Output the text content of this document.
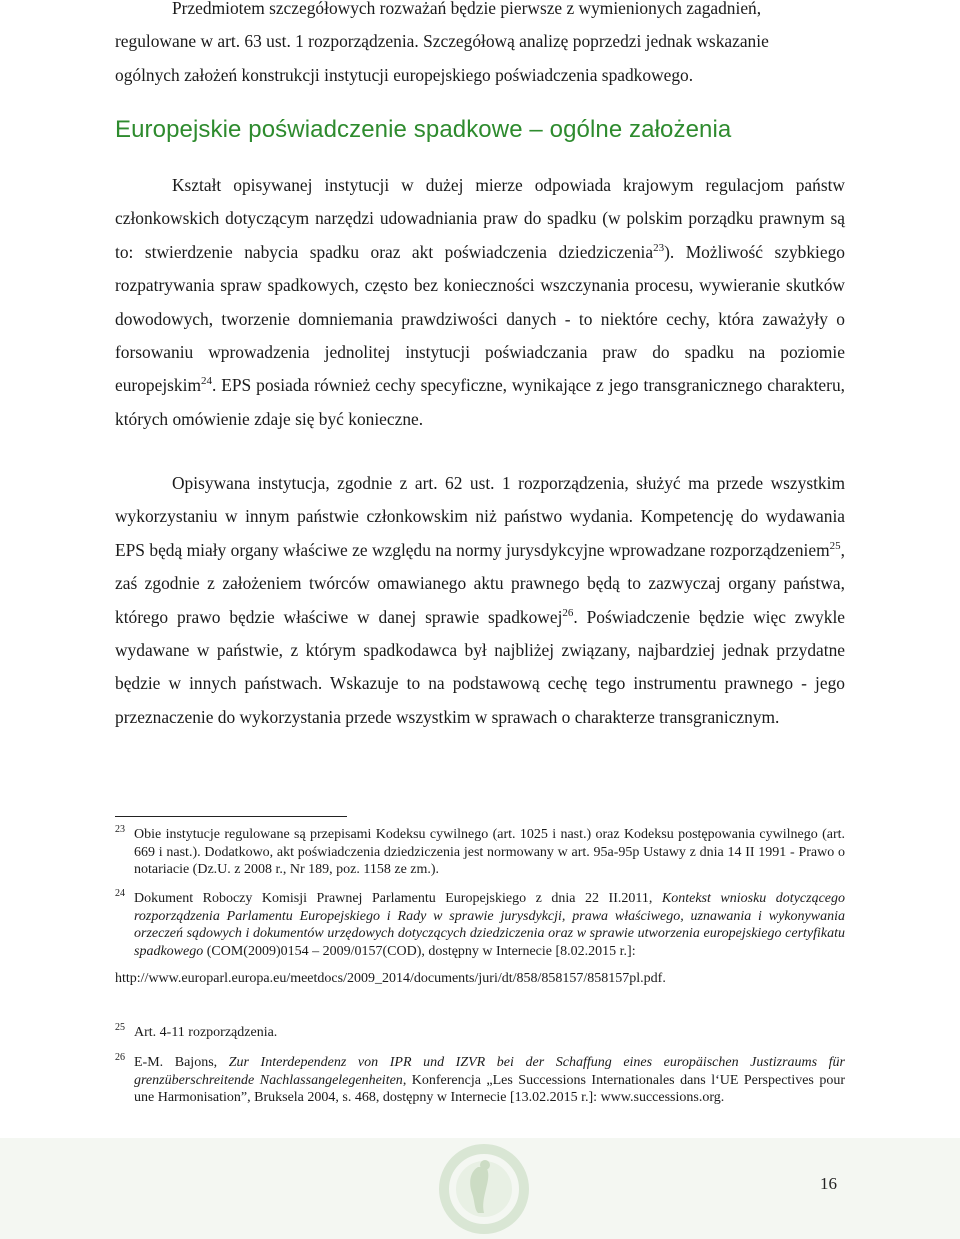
Przedmiotem szczegółowych rozważań będzie pierwsze z wymienionych zagadnień,
regulowane w art. 63 ust. 1 rozporządzenia. Szczegółową analizę poprzedzi jednak wskazanie
ogólnych założeń konstrukcji instytucji europejskiego poświadczenia spadkowego.

Europejskie poświadczenie spadkowe – ogólne założenia

Kształt opisywanej instytucji w dużej mierze odpowiada krajowym regulacjom państw członkowskich dotyczącym narzędzi udowadniania praw do spadku (w polskim porządku prawnym są to: stwierdzenie nabycia spadku oraz akt poświadczenia dziedziczenia$^{23}$). Możliwość szybkiego rozpatrywania spraw spadkowych, często bez konieczności wszczynania procesu, wywieranie skutków dowodowych, tworzenie domniemania prawdziwości danych - to niektóre cechy, która zaważyły o forsowaniu wprowadzenia jednolitej instytucji poświadczania praw do spadku na poziomie europejskim$^{24}$. EPS posiada również cechy specyficzne, wynikające z jego transgranicznego charakteru, których omówienie zdaje się być konieczne.

Opisywana instytucja, zgodnie z art. 62 ust. 1 rozporządzenia, służyć ma przede wszystkim wykorzystaniu w innym państwie członkowskim niż państwo wydania. Kompetencję do wydawania EPS będą miały organy właściwe ze względu na normy jurysdykcyjne wprowadzane rozporządzeniem$^{25}$, zaś zgodnie z założeniem twórców omawianego aktu prawnego będą to zazwyczaj organy państwa, którego prawo będzie właściwe w danej sprawie spadkowej$^{26}$. Poświadczenie będzie więc zwykle wydawane w państwie, z którym spadkodawca był najbliżej związany, najbardziej jednak przydatne będzie w innych państwach. Wskazuje to na podstawową cechę tego instrumentu prawnego - jego przeznaczenie do wykorzystania przede wszystkim w sprawach o charakterze transgranicznym.

23 Obie instytucje regulowane są przepisami Kodeksu cywilnego (art. 1025 i nast.) oraz Kodeksu postępowania cywilnego (art. 669 i nast.). Dodatkowo, akt poświadczenia dziedziczenia jest normowany w art. 95a-95p Ustawy z dnia 14 II 1991 - Prawo o notariacie (Dz.U. z 2008 r., Nr 189, poz. 1158 ze zm.).
24 Dokument Roboczy Komisji Prawnej Parlamentu Europejskiego z dnia 22 II.2011, Kontekst wniosku dotyczącego rozporządzenia Parlamentu Europejskiego i Rady w sprawie jurysdykcji, prawa właściwego, uznawania i wykonywania orzeczeń sądowych i dokumentów urzędowych dotyczących dziedziczenia oraz w sprawie utworzenia europejskiego certyfikatu spadkowego (COM(2009)0154 – 2009/0157(COD), dostępny w Internecie [8.02.2015 r.]:
http://www.europarl.europa.eu/meetdocs/2009_2014/documents/juri/dt/858/858157/858157pl.pdf.
25 Art. 4-11 rozporządzenia.
26 E-M. Bajons, Zur Interdependenz von IPR und IZVR bei der Schaffung eines europäischen Justizraums für grenzüberschreitende Nachlassangelegenheiten, Konferencja „Les Successions Internationales dans l‘UE Perspectives pour une Harmonisation”, Bruksela 2004, s. 468, dostępny w Internecie [13.02.2015 r.]: www.successions.org.
16
